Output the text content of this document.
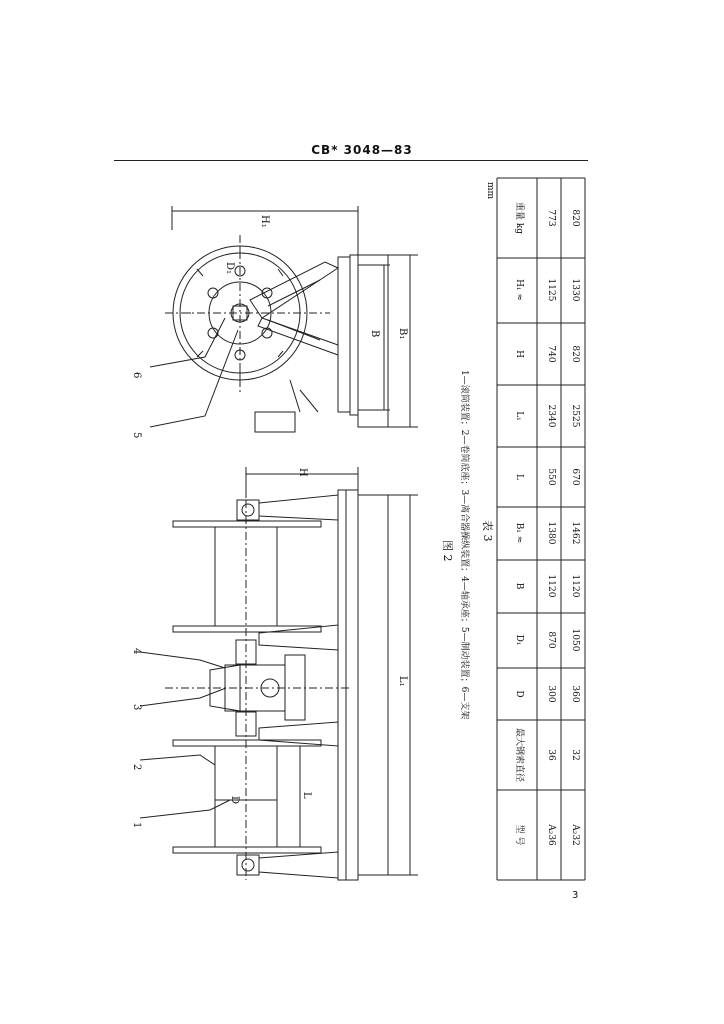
CB* 3048—83
H₁
D₁
B B₁
H
L₁
L
D
6
5
4
3
2
1
图 2 1—滚筒装置；2—卷筒底座；3—离合器操纵装置；4—轴承座；5—制动装置；6—支架 表 3
mm
型 号
最大钢索直径
D
D₁
B
B₁ ≈
L
L₁
H
H₁ ≈
重量 kg
A₂36
36
300
870
1120
1380
550
2340
740
1125
773
A₂32
32
360
1050
1120
1462
670
2525
820
1330
820
3
